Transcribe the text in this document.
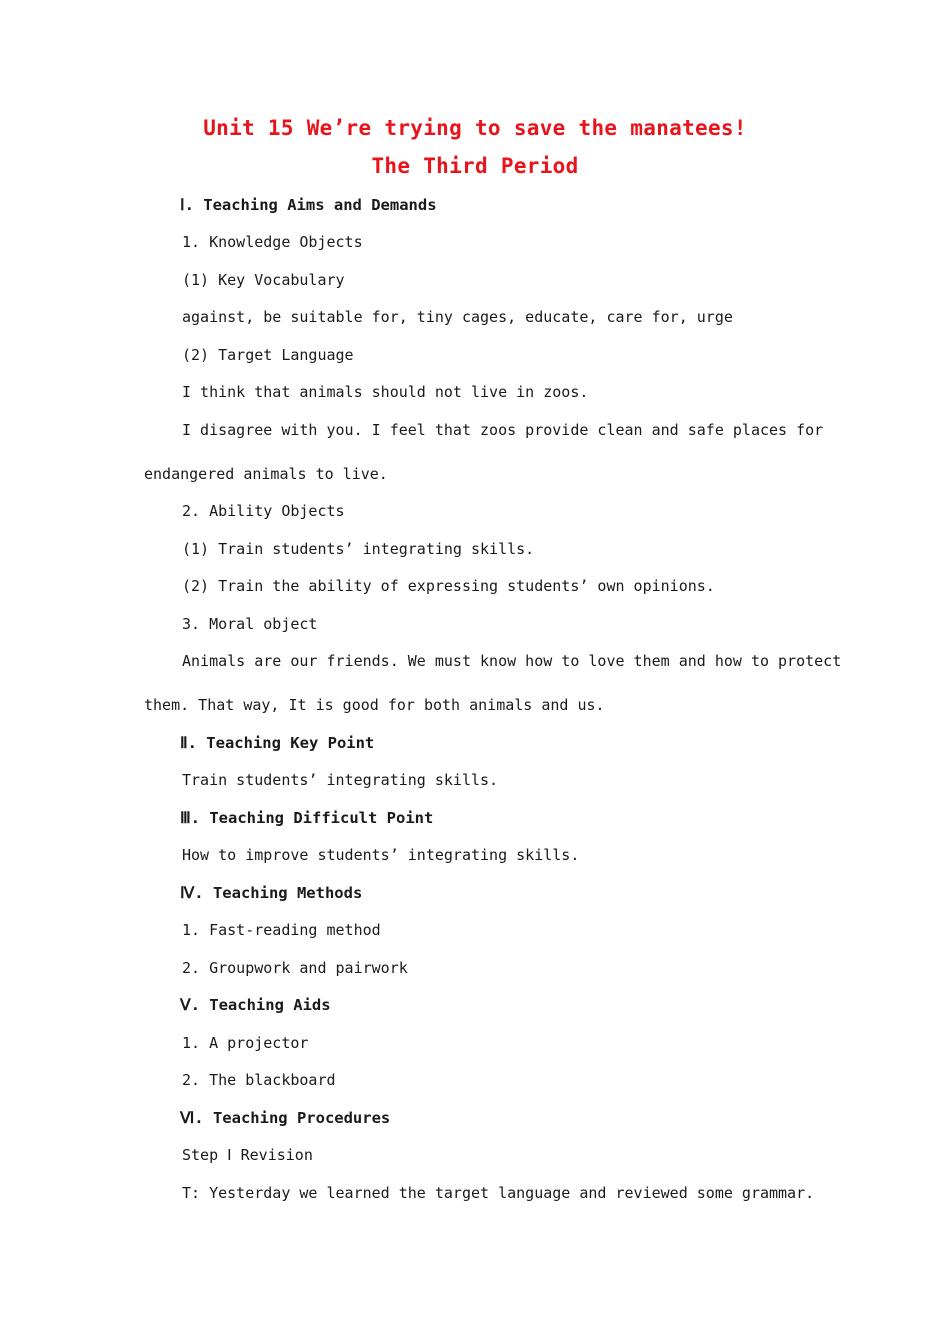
Unit 15 We’re trying to save the manatees!
The Third Period
Ⅰ. Teaching Aims and Demands
1. Knowledge Objects
(1) Key Vocabulary
against, be suitable for, tiny cages, educate, care for, urge
(2) Target Language
I think that animals should not live in zoos.
I disagree with you. I feel that zoos provide clean and safe places for
endangered animals to live.
2. Ability Objects
(1) Train students’ integrating skills.
(2) Train the ability of expressing students’ own opinions.
3. Moral object
Animals are our friends. We must know how to love them and how to protect
them. That way, It is good for both animals and us.
Ⅱ. Teaching Key Point
Train students’ integrating skills.
Ⅲ. Teaching Difficult Point
How to improve students’ integrating skills.
Ⅳ. Teaching Methods
1. Fast-reading method
2. Groupwork and pairwork
Ⅴ. Teaching Aids
1. A projector
2. The blackboard
Ⅵ. Teaching Procedures
Step Ⅰ Revision
T: Yesterday we learned the target language and reviewed some grammar.
